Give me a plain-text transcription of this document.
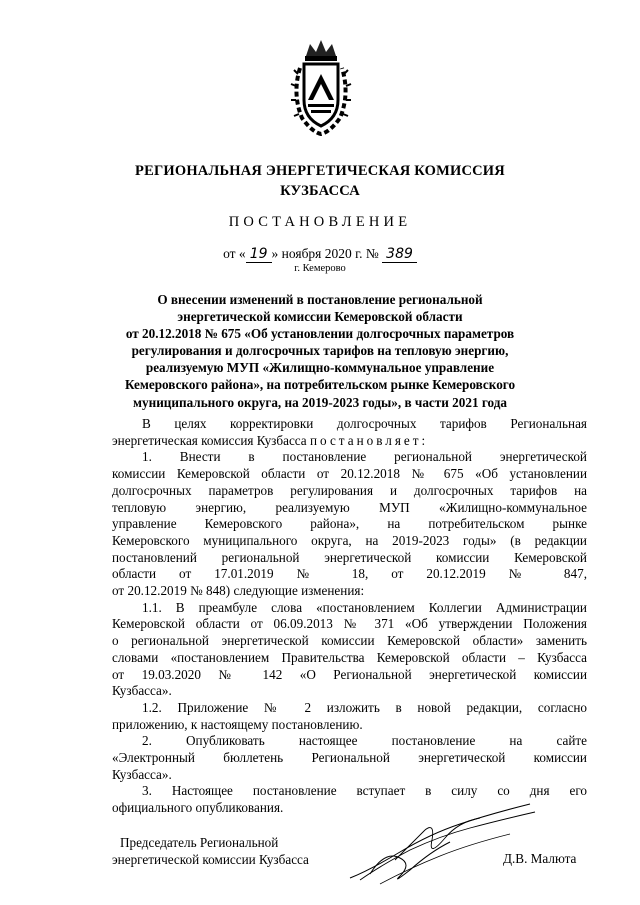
РЕГИОНАЛЬНАЯ ЭНЕРГЕТИЧЕСКАЯ КОМИССИЯ
КУЗБАССА
ПОСТАНОВЛЕНИЕ
от « 19 » ноября 2020 г. № 389
г. Кемерово
О внесении изменений в постановление региональной
энергетической комиссии Кемеровской области
от 20.12.2018 № 675 «Об установлении долгосрочных параметров
регулирования и долгосрочных тарифов на тепловую энергию,
реализуемую МУП «Жилищно-коммунальное управление
Кемеровского района», на потребительском рынке Кемеровского
муниципального округа, на 2019-2023 годы», в части 2021 года
В целях корректировки долгосрочных тарифов Региональная
энергетическая комиссия Кузбасса постановляет:
1. Внести в постановление региональной энергетической
комиссии Кемеровской области от 20.12.2018 № 675 «Об установлении
долгосрочных параметров регулирования и долгосрочных тарифов на
тепловую энергию, реализуемую МУП «Жилищно-коммунальное
управление Кемеровского района», на потребительском рынке
Кемеровского муниципального округа, на 2019-2023 годы» (в редакции
постановлений региональной энергетической комиссии Кемеровской
области от 17.01.2019 № 18, от 20.12.2019 № 847,
от 20.12.2019 № 848) следующие изменения:
1.1. В преамбуле слова «постановлением Коллегии Администрации
Кемеровской области от 06.09.2013 № 371 «Об утверждении Положения
о региональной энергетической комиссии Кемеровской области» заменить
словами «постановлением Правительства Кемеровской области – Кузбасса
от 19.03.2020 № 142 «О Региональной энергетической комиссии
Кузбасса».
1.2. Приложение № 2 изложить в новой редакции, согласно
приложению, к настоящему постановлению.
2. Опубликовать настоящее постановление на сайте
«Электронный бюллетень Региональной энергетической комиссии
Кузбасса».
3. Настоящее постановление вступает в силу со дня его
официального опубликования.
Председатель Региональной
энергетической комиссии Кузбасса	Д.В. Малюта
